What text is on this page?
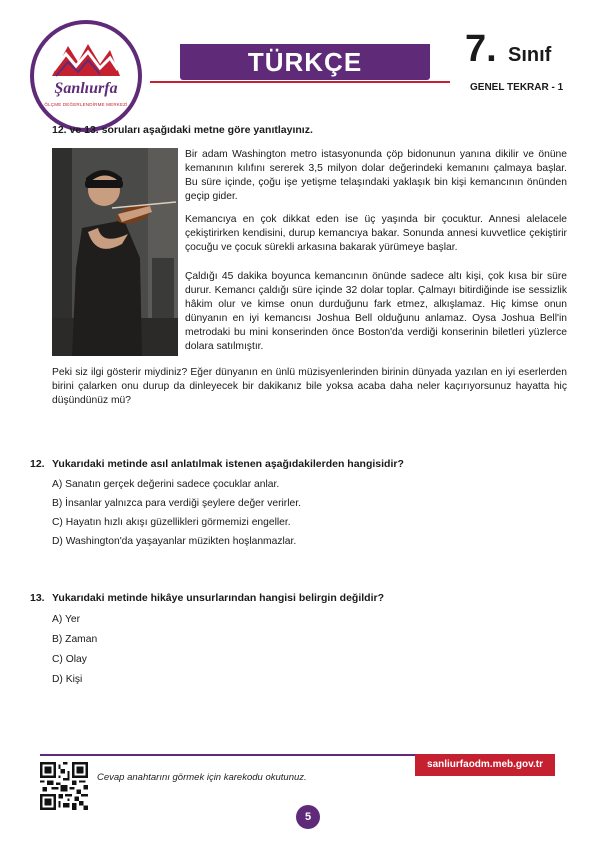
Şanlıurfa
ÖLÇME DEĞERLENDİRME MERKEZİ
TÜRKÇE	7. Sınıf
GENEL TEKRAR - 1
12. ve 13. soruları aşağıdaki metne göre yanıtlayınız.
Bir adam Washington metro istasyonunda çöp bidonunun yanına dikilir ve önüne kemanının kılıfını sererek 3,5 milyon dolar değerindeki kemanını çalmaya başlar. Bu süre içinde, çoğu işe yetişme telaşındaki yaklaşık bin kişi kemancının önünden geçip gider.
Kemancıya en çok dikkat eden ise üç yaşında bir çocuktur. Annesi alelacele çekiştirirken kendisini, durup kemancıya bakar. Sonunda annesi kuvvetlice çekiştirir çocuğu ve çocuk sürekli arkasına bakarak yürümeye başlar.
Çaldığı 45 dakika boyunca kemancının önünde sadece altı kişi, çok kısa bir süre durur. Kemancı çaldığı süre içinde 32 dolar toplar. Çalmayı bitirdiğinde ise sessizlik hâkim olur ve kimse onun durduğunu fark etmez, alkışlamaz. Hiç kimse onun dünyanın en iyi kemancısı Joshua Bell olduğunu anlamaz. Oysa Joshua Bell'in metrodaki bu mini konserinden önce Boston'da verdiği konserinin biletleri yüzlerce dolara satılmıştır.
Peki siz ilgi gösterir miydiniz? Eğer dünyanın en ünlü müzisyenlerinden birinin dünyada yazılan en iyi eserlerden birini çalarken onu durup da dinleyecek bir dakikanız bile yoksa acaba daha neler kaçırıyorsunuz hayatta hiç düşündünüz mü?
12. Yukarıdaki metinde asıl anlatılmak istenen aşağıdakilerden hangisidir?
A) Sanatın gerçek değerini sadece çocuklar anlar.
B) İnsanlar yalnızca para verdiği şeylere değer verirler.
C) Hayatın hızlı akışı güzellikleri görmemizi engeller.
D) Washington'da yaşayanlar müzikten hoşlanmazlar.
13. Yukarıdaki metinde hikâye unsurlarından hangisi belirgin değildir?
A) Yer
B) Zaman
C) Olay
D) Kişi
sanliurfaodm.meb.gov.tr
Cevap anahtarını görmek için karekodu okutunuz.
5
